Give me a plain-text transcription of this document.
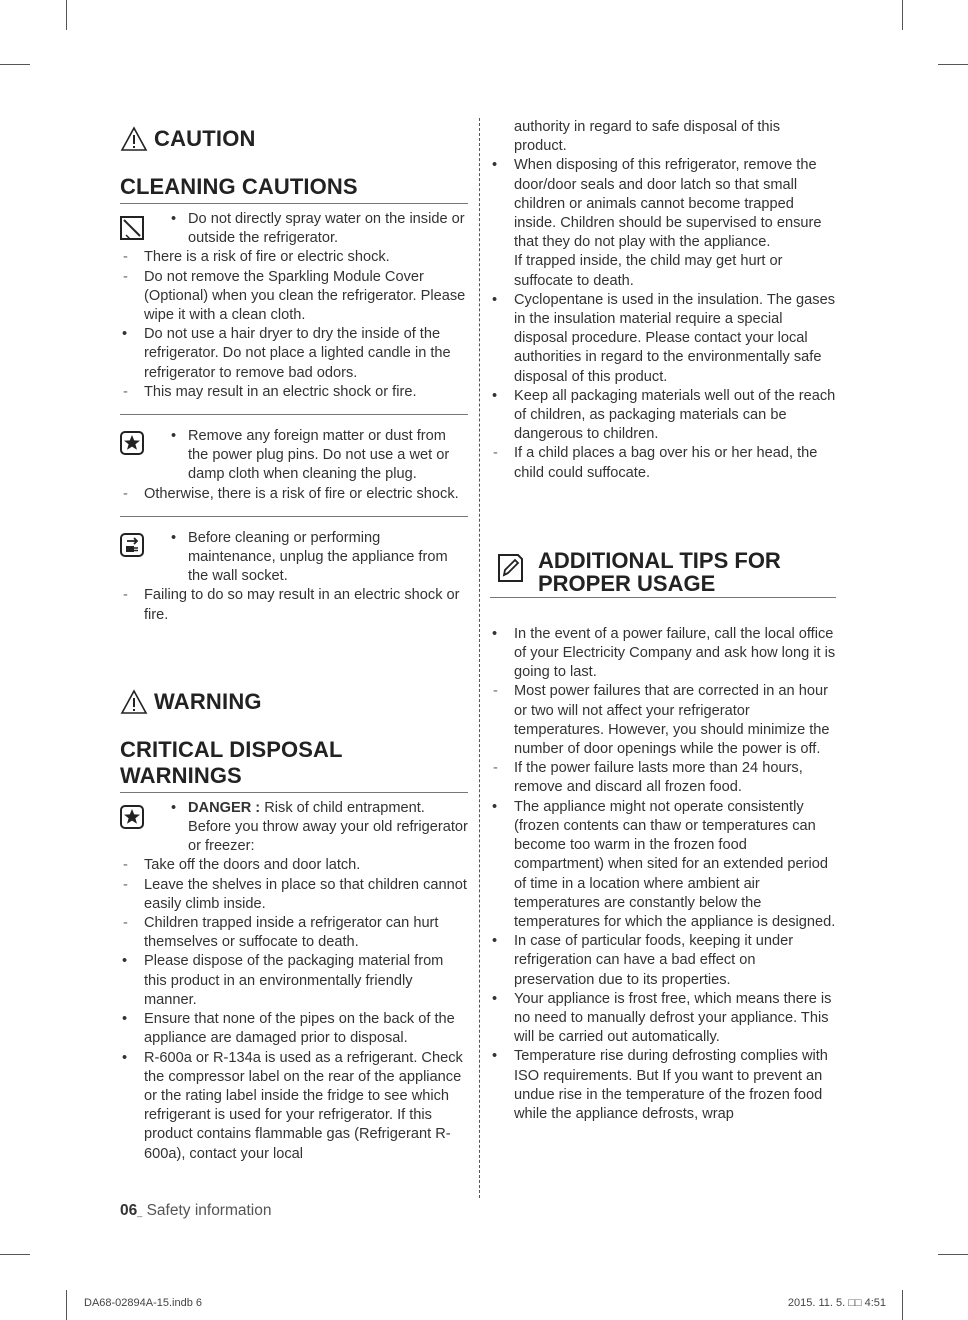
CAUTION
CLEANING CAUTIONS
• Do not directly spray water on the inside or outside the refrigerator.
- There is a risk of fire or electric shock.
- Do not remove the Sparkling Module Cover (Optional) when you clean the refrigerator. Please wipe it with a clean cloth.
• Do not use a hair dryer to dry the inside of the refrigerator. Do not place a lighted candle in the refrigerator to remove bad odors.
- This may result in an electric shock or fire.
• Remove any foreign matter or dust from the power plug pins. Do not use a wet or damp cloth when cleaning the plug.
- Otherwise, there is a risk of fire or electric shock.
• Before cleaning or performing maintenance, unplug the appliance from the wall socket.
- Failing to do so may result in an electric shock or fire.
WARNING
CRITICAL DISPOSAL
WARNINGS
• DANGER : Risk of child entrapment. Before you throw away your old refrigerator or freezer:
- Take off the doors and door latch.
- Leave the shelves in place so that children cannot easily climb inside.
- Children trapped inside a refrigerator can hurt themselves or suffocate to death.
• Please dispose of the packaging material from this product in an environmentally friendly manner.
• Ensure that none of the pipes on the back of the appliance are damaged prior to disposal.
• R-600a or R-134a is used as a refrigerant. Check the compressor label on the rear of the appliance or the rating label inside the fridge to see which refrigerant is used for your refrigerator. If this product contains flammable gas (Refrigerant R-600a), contact your local
authority in regard to safe disposal of this product.
• When disposing of this refrigerator, remove the door/door seals and door latch so that small children or animals cannot become trapped inside. Children should be supervised to ensure that they do not play with the appliance.
If trapped inside, the child may get hurt or suffocate to death.
• Cyclopentane is used in the insulation. The gases in the insulation material require a special disposal procedure. Please contact your local authorities in regard to the environmentally safe disposal of this product.
• Keep all packaging materials well out of the reach of children, as packaging materials can be dangerous to children.
- If a child places a bag over his or her head, the child could suffocate.
ADDITIONAL TIPS FOR
PROPER USAGE
• In the event of a power failure, call the local office of your Electricity Company and ask how long it is going to last.
- Most power failures that are corrected in an hour or two will not affect your refrigerator temperatures. However, you should minimize the number of door openings while the power is off.
- If the power failure lasts more than 24 hours, remove and discard all frozen food.
• The appliance might not operate consistently (frozen contents can thaw or temperatures can become too warm in the frozen food compartment) when sited for an extended period of time in a location where ambient air temperatures are constantly below the temperatures for which the appliance is designed.
• In case of particular foods, keeping it under refrigeration can have a bad effect on preservation due to its properties.
• Your appliance is frost free, which means there is no need to manually defrost your appliance. This will be carried out automatically.
• Temperature rise during defrosting complies with ISO requirements. But If you want to prevent an undue rise in the temperature of the frozen food while the appliance defrosts, wrap
06_ Safety information
DA68-02894A-15.indb 6	2015. 11. 5. □□ 4:51
